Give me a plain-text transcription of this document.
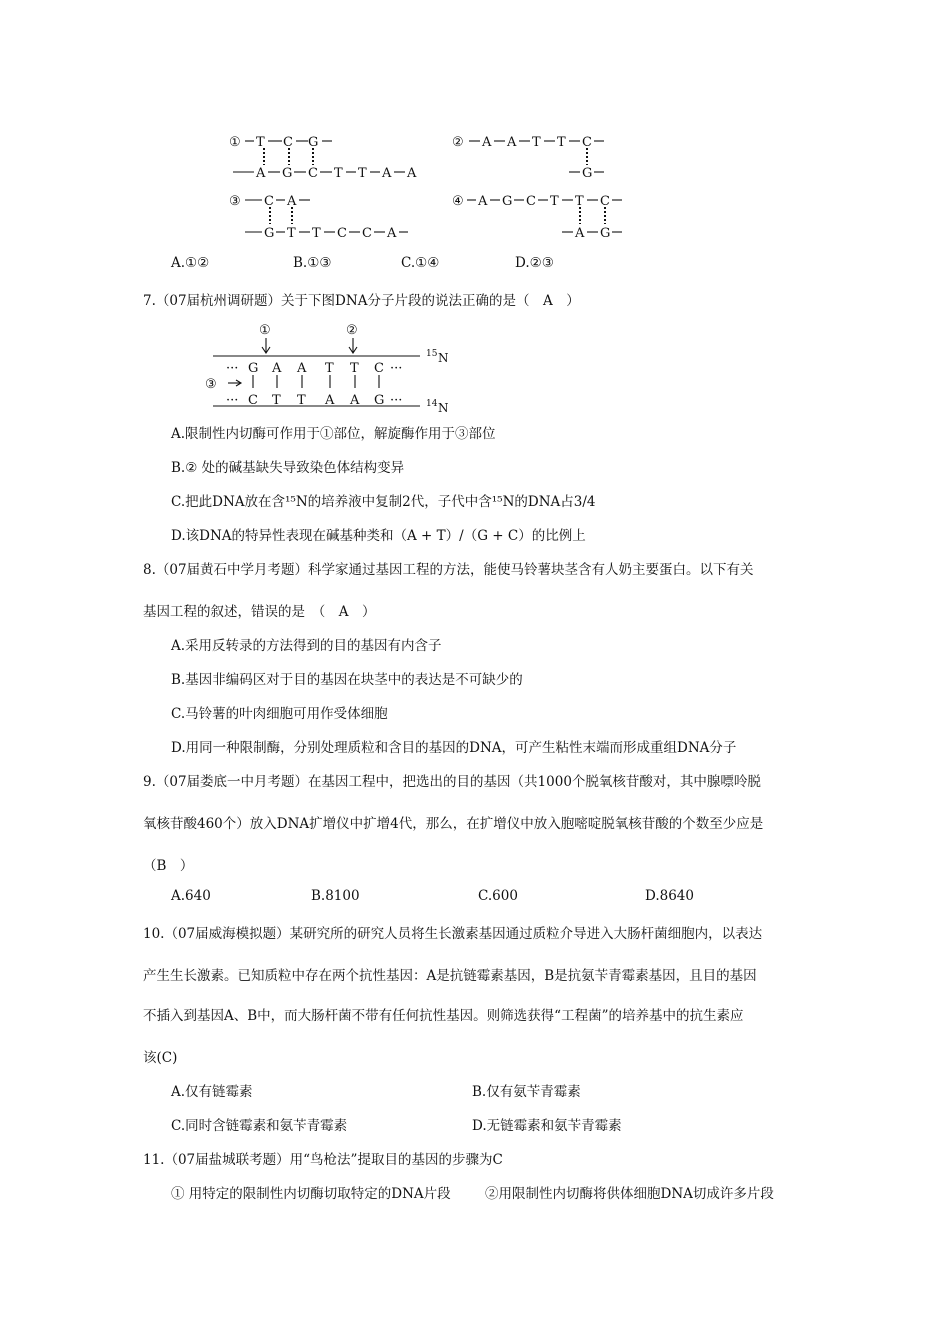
① T C G
A G C T T A A
② A A T T C
G
③ C A
G T T C C A
④ A G C T T C
A G
A.①②	B.①③	C.①④	D.②③
7.（07届杭州调研题）关于下图DNA分子片段的说法正确的是（　A　）
①	②
③
··· G A A T T C ···
··· C T T A A G ···
15 N
14 N
A.限制性内切酶可作用于①部位，解旋酶作用于③部位
B.② 处的碱基缺失导致染色体结构变异
C.把此DNA放在含¹⁵N的培养液中复制2代，子代中含¹⁵N的DNA占3/4
D.该DNA的特异性表现在碱基种类和（A + T）/（G + C）的比例上
8.（07届黄石中学月考题）科学家通过基因工程的方法，能使马铃薯块茎含有人奶主要蛋白。以下有关
基因工程的叙述，错误的是　（　A　）
A.采用反转录的方法得到的目的基因有内含子
B.基因非编码区对于目的基因在块茎中的表达是不可缺少的
C.马铃薯的叶肉细胞可用作受体细胞
D.用同一种限制酶，分别处理质粒和含目的基因的DNA，可产生粘性末端而形成重组DNA分子
9.（07届娄底一中月考题）在基因工程中，把选出的目的基因（共1000个脱氧核苷酸对，其中腺嘌呤脱
氧核苷酸460个）放入DNA扩增仪中扩增4代，那么，在扩增仪中放入胞嘧啶脱氧核苷酸的个数至少应是
（B　）
A.640	B.8100	C.600	D.8640
10.（07届威海模拟题）某研究所的研究人员将生长激素基因通过质粒介导进入大肠杆菌细胞内，以表达
产生生长激素。已知质粒中存在两个抗性基因：A是抗链霉素基因，B是抗氨苄青霉素基因，且目的基因
不插入到基因A、B中，而大肠杆菌不带有任何抗性基因。则筛选获得“工程菌”的培养基中的抗生素应
该(C)
A.仅有链霉素	B.仅有氨苄青霉素
C.同时含链霉素和氨苄青霉素	D.无链霉素和氨苄青霉素
11.（07届盐城联考题）用“鸟枪法”提取目的基因的步骤为C
① 用特定的限制性内切酶切取特定的DNA片段	②用限制性内切酶将供体细胞DNA切成许多片段
